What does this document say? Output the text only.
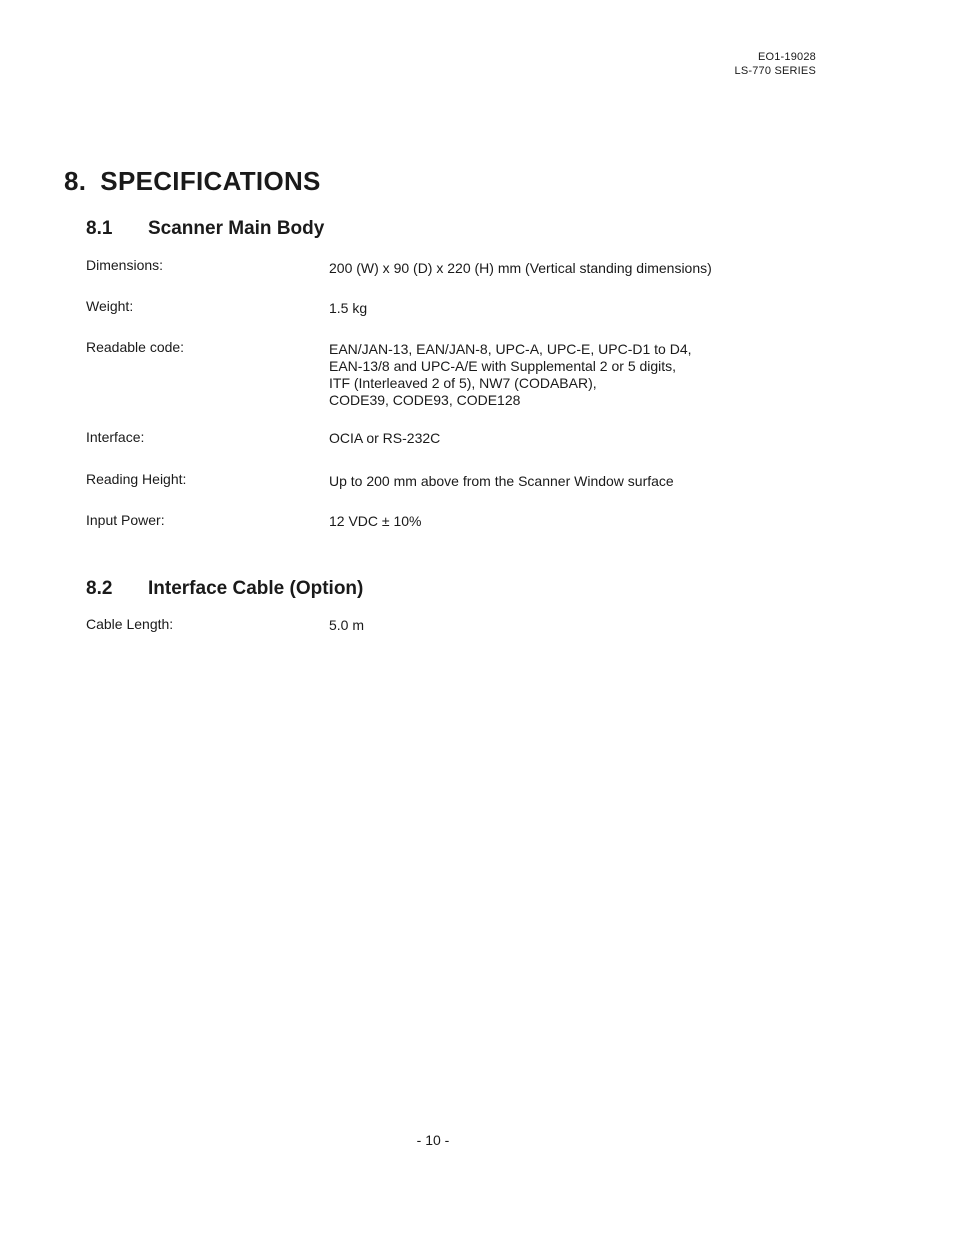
EO1-19028
LS-770 SERIES
8. SPECIFICATIONS
8.1 Scanner Main Body
Dimensions:	200 (W) x 90 (D) x 220 (H) mm (Vertical standing dimensions)
Weight:	1.5 kg
Readable code:	EAN/JAN-13, EAN/JAN-8, UPC-A, UPC-E, UPC-D1 to D4,
EAN-13/8 and UPC-A/E with Supplemental 2 or 5 digits,
ITF (Interleaved 2 of 5), NW7 (CODABAR),
CODE39, CODE93, CODE128
Interface:	OCIA or RS-232C
Reading Height:	Up to 200 mm above from the Scanner Window surface
Input Power:	12 VDC ± 10%
8.2 Interface Cable (Option)
Cable Length:	5.0 m
- 10 -
